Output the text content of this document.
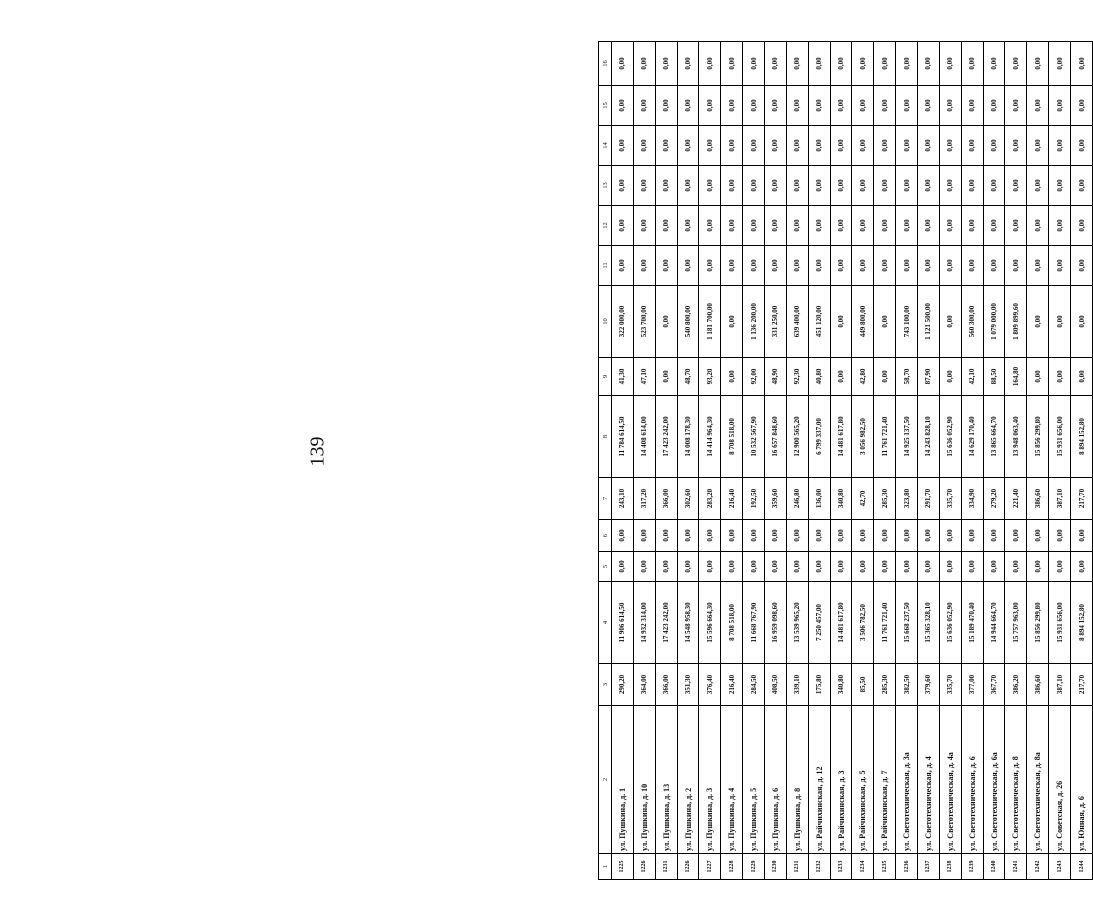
139
1	2	3	4	5	6	7	8	9	10	11	12	13	14	15	16
1225	ул. Пушкина, д. 1	290,20	11 906 614,50	0,00	0,00	243,10	11 784 614,50	41,30	322 000,00	0,00	0,00	0,00	0,00	0,00	0,00
1226	ул. Пушкина, д. 10	364,00	14 932 314,00	0,00	0,00	317,20	14 408 614,00	47,10	523 700,00	0,00	0,00	0,00	0,00	0,00	0,00
1231	ул. Пушкина, д. 13	366,00	17 423 242,00	0,00	0,00	366,00	17 423 242,00	0,00	0,00	0,00	0,00	0,00	0,00	0,00	0,00
1226	ул. Пушкина, д. 2	351,30	14 548 958,30	0,00	0,00	302,60	14 008 178,30	48,70	540 800,00	0,00	0,00	0,00	0,00	0,00	0,00
1227	ул. Пушкина, д. 3	376,40	15 596 664,30	0,00	0,00	283,20	14 414 964,30	93,20	1 181 700,00	0,00	0,00	0,00	0,00	0,00	0,00
1228	ул. Пушкина, д. 4	216,40	8 708 518,00	0,00	0,00	216,40	8 708 518,00	0,00	0,00	0,00	0,00	0,00	0,00	0,00	0,00
1229	ул. Пушкина, д. 5	284,50	11 668 767,90	0,00	0,00	192,50	10 532 567,90	92,00	1 136 200,00	0,00	0,00	0,00	0,00	0,00	0,00
1230	ул. Пушкина, д. 6	408,50	16 959 098,60	0,00	0,00	359,60	16 657 848,60	48,90	331 250,00	0,00	0,00	0,00	0,00	0,00	0,00
1231	ул. Пушкина, д. 8	339,10	13 539 965,20	0,00	0,00	246,80	12 900 565,20	92,30	639 400,00	0,00	0,00	0,00	0,00	0,00	0,00
1232	ул. Райчихинская, д. 12	175,80	7 250 457,00	0,00	0,00	136,00	6 799 337,00	40,80	451 120,00	0,00	0,00	0,00	0,00	0,00	0,00
1233	ул. Райчихинская, д. 3	340,80	14 481 617,80	0,00	0,00	340,80	14 481 617,80	0,00	0,00	0,00	0,00	0,00	0,00	0,00	0,00
1234	ул. Райчихинская, д. 5	85,50	3 506 782,50	0,00	0,00	42,70	3 056 982,50	42,80	449 800,00	0,00	0,00	0,00	0,00	0,00	0,00
1235	ул. Райчихинская, д. 7	285,30	11 761 721,40	0,00	0,00	285,30	11 761 721,40	0,00	0,00	0,00	0,00	0,00	0,00	0,00	0,00
1236	ул. Светотехническая, д. 3а	382,50	15 668 237,50	0,00	0,00	323,80	14 925 137,50	58,70	743 100,00	0,00	0,00	0,00	0,00	0,00	0,00
1237	ул. Светотехническая, д. 4	379,60	15 365 328,10	0,00	0,00	291,70	14 243 828,10	87,90	1 121 500,00	0,00	0,00	0,00	0,00	0,00	0,00
1238	ул. Светотехническая, д. 4а	335,70	15 636 052,90	0,00	0,00	335,70	15 636 052,90	0,00	0,00	0,00	0,00	0,00	0,00	0,00	0,00
1239	ул. Светотехническая, д. 6	377,00	15 189 470,40	0,00	0,00	334,90	14 629 170,40	42,10	560 300,00	0,00	0,00	0,00	0,00	0,00	0,00
1240	ул. Светотехническая, д. 6а	367,70	14 944 664,70	0,00	0,00	279,20	13 865 664,70	88,50	1 079 000,00	0,00	0,00	0,00	0,00	0,00	0,00
1241	ул. Светотехническая, д. 8	386,20	15 757 963,00	0,00	0,00	221,40	13 948 063,40	164,80	1 809 899,60	0,00	0,00	0,00	0,00	0,00	0,00
1242	ул. Светотехническая, д. 8а	386,60	15 856 299,80	0,00	0,00	386,60	15 856 299,80	0,00	0,00	0,00	0,00	0,00	0,00	0,00	0,00
1243	ул. Советская, д. 26	387,10	15 931 656,00	0,00	0,00	387,10	15 931 656,00	0,00	0,00	0,00	0,00	0,00	0,00	0,00	0,00
1244	ул. Юнная, д. 6	217,70	8 894 152,80	0,00	0,00	217,70	8 894 152,80	0,00	0,00	0,00	0,00	0,00	0,00	0,00	0,00
